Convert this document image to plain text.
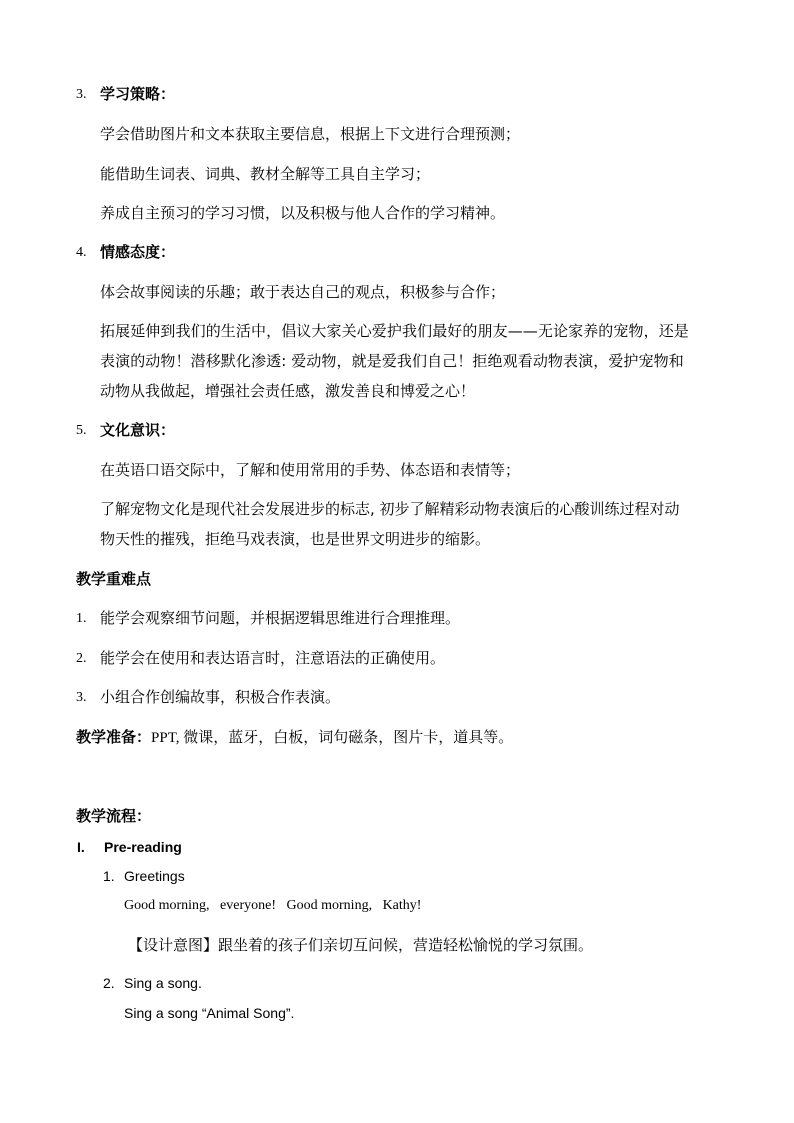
3. 学习策略：
学会借助图片和文本获取主要信息，根据上下文进行合理预测；
能借助生词表、词典、教材全解等工具自主学习；
养成自主预习的学习习惯，以及积极与他人合作的学习精神。
4. 情感态度：
体会故事阅读的乐趣；敢于表达自己的观点，积极参与合作；
拓展延伸到我们的生活中，倡议大家关心爱护我们最好的朋友——无论家养的宠物，还是
表演的动物！潜移默化渗透: 爱动物，就是爱我们自己！拒绝观看动物表演，爱护宠物和
动物从我做起，增强社会责任感，激发善良和博爱之心！
5. 文化意识：
在英语口语交际中，了解和使用常用的手势、体态语和表情等；
了解宠物文化是现代社会发展进步的标志, 初步了解精彩动物表演后的心酸训练过程对动
物天性的摧残，拒绝马戏表演，也是世界文明进步的缩影。
教学重难点
1. 能学会观察细节问题，并根据逻辑思维进行合理推理。
2. 能学会在使用和表达语言时，注意语法的正确使用。
3. 小组合作创编故事，积极合作表演。
教学准备：PPT, 微课，蓝牙，白板，词句磁条，图片卡，道具等。
教学流程：
I. Pre-reading
1. Greetings
Good morning,   everyone!   Good morning,   Kathy!
【设计意图】跟坐着的孩子们亲切互问候，营造轻松愉悦的学习氛围。
2. Sing a song.
Sing a song “Animal Song”.
